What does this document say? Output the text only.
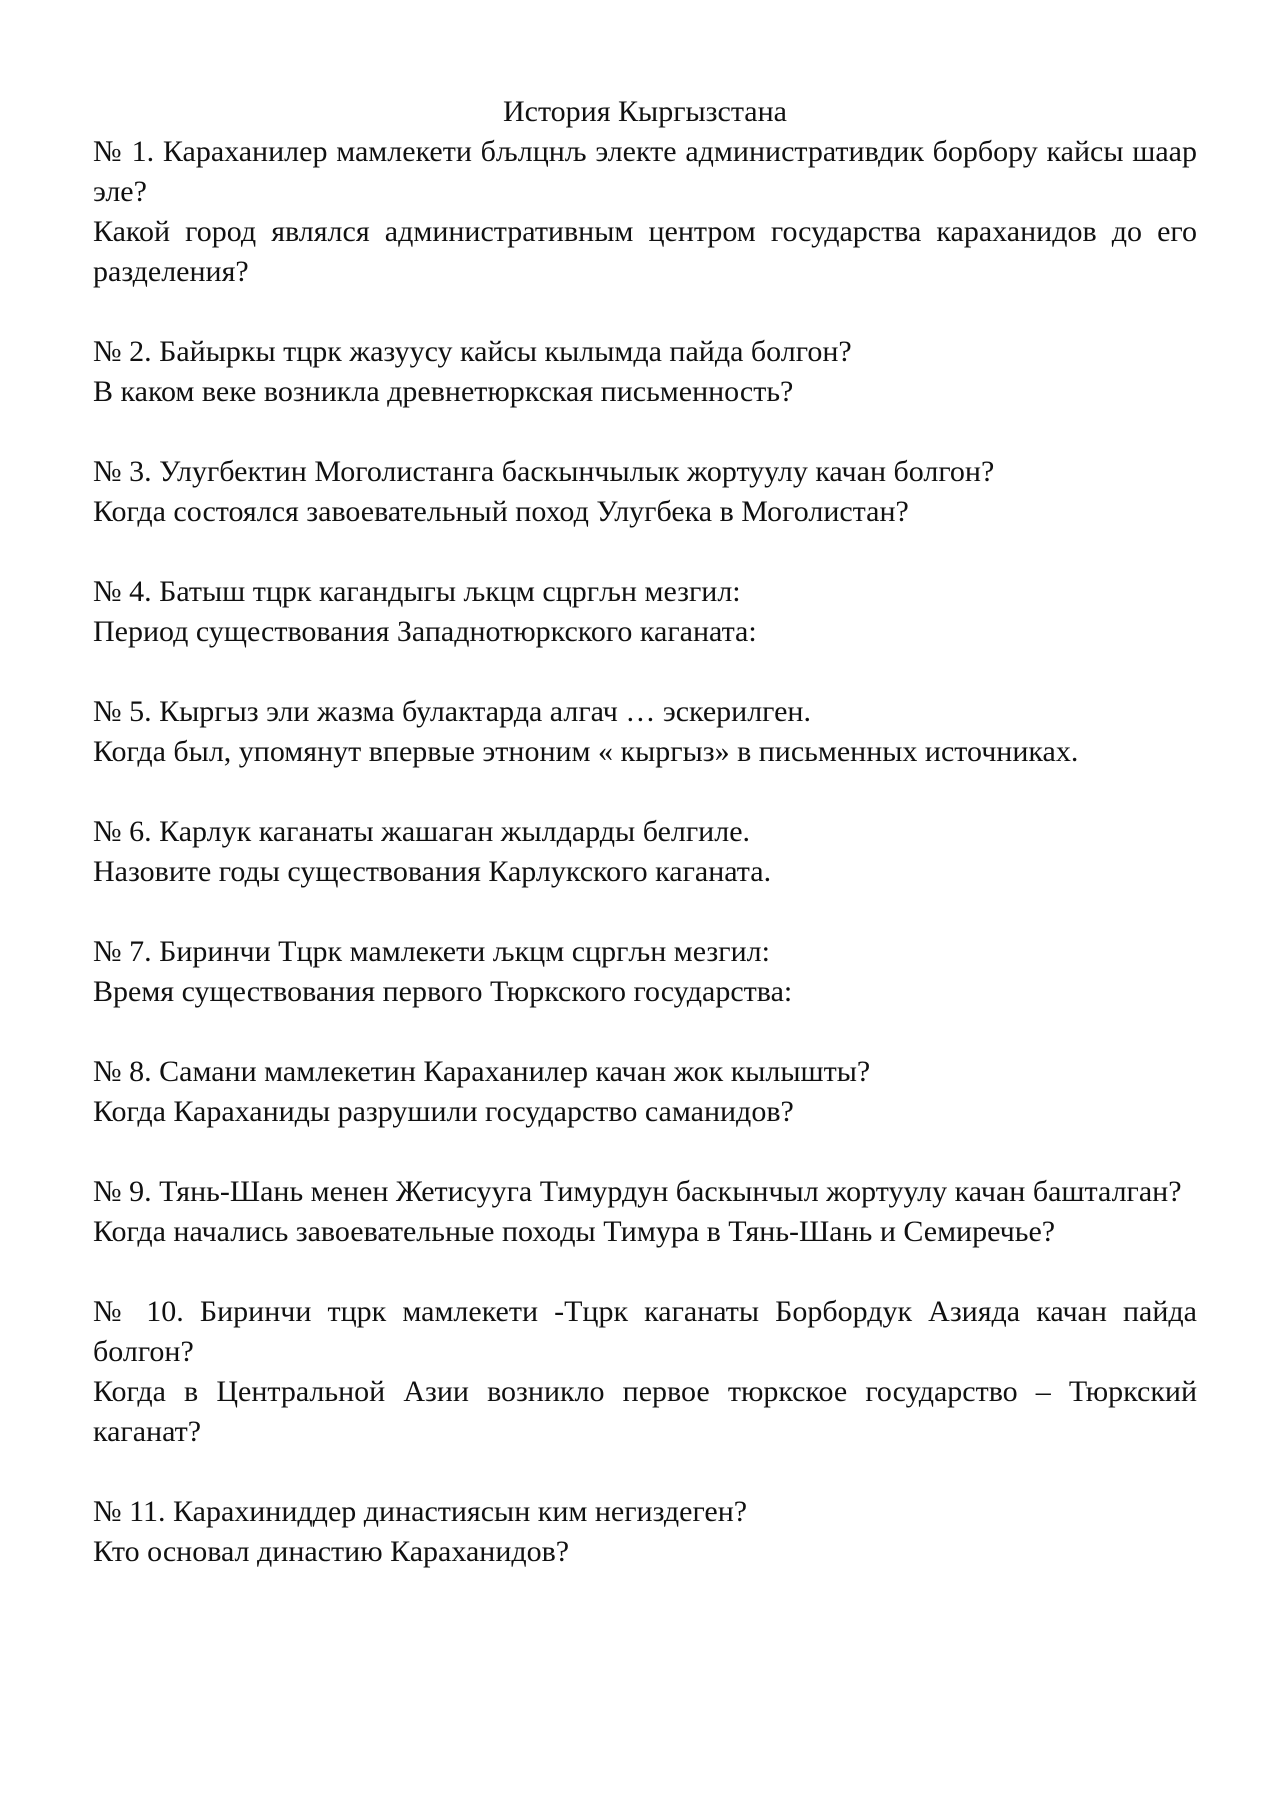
История Кыргызстана

№ 1. Караханилер мамлекети бљлцнљ электе административдик борбору кайсы шаар эле?

Какой город являлся административным центром государства караханидов до его разделения?

№ 2. Байыркы тцрк жазуусу кайсы кылымда пайда болгон?

В каком веке возникла древнетюркская письменность?

№ 3. Улугбектин Моголистанга баскынчылык жортуулу качан болгон?

Когда состоялся завоевательный поход Улугбека в Моголистан?

№ 4. Батыш тцрк кагандыгы љкцм сцргљн мезгил:

Период существования Западнотюркского каганата:

№ 5. Кыргыз эли жазма булактарда алгач … эскерилген.

Когда был, упомянут впервые этноним « кыргыз» в письменных источниках.

№ 6. Карлук каганаты жашаган жылдарды белгиле.

Назовите годы существования Карлукского каганата.

№ 7. Биринчи Тцрк мамлекети љкцм сцргљн мезгил:

Время существования первого Тюркского государства:

№ 8. Самани мамлекетин Караханилер качан жок кылышты?

Когда Караханиды разрушили государство саманидов?

№ 9. Тянь-Шань менен Жетисууга Тимурдун баскынчыл жортуулу качан башталган?

Когда начались завоевательные походы Тимура в Тянь-Шань и Семиречье?

№ 10. Биринчи тцрк мамлекети -Тцрк каганаты Борбордук Азияда качан пайда болгон?

Когда в Центральной Азии возникло первое тюркское государство – Тюркский каганат?

№ 11. Карахиниддер династиясын ким негиздеген?

Кто основал династию Караханидов?
